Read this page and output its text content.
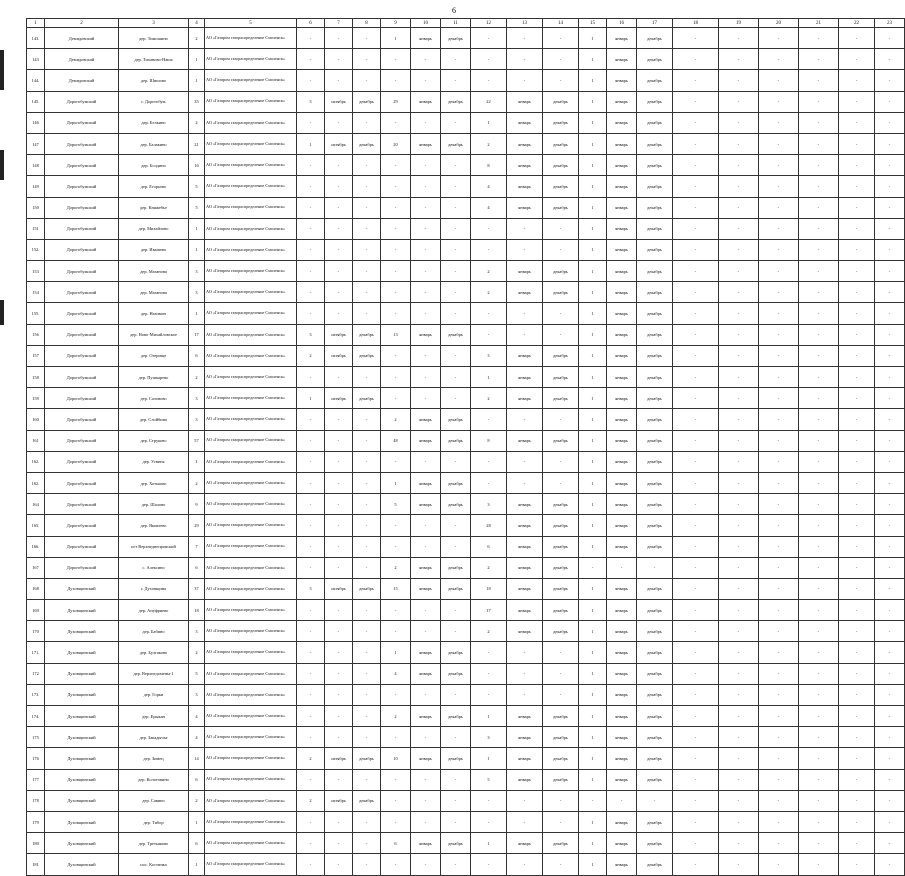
6
1	2	3	4	5	6	7	8	9	10	11	12	13	14	15	16	17	18	19	20	21	22	23
143.	Демидовский	дер. Тимошино	2	АО «Газпром газораспределение Смоленск»	-	-	-	1	январь	декабрь	-	-	-	1	январь	декабрь	-	-	-	-	-	-
143	Демидовский	дер. Тиханово-Наша	1	АО «Газпром газораспределение Смоленск»	-	-	-	-	-	-	-	-	-	1	январь	декабрь	-	-	-	-	-	-
144.	Демидовский	дер. Шишово	1	АО «Газпром газораспределение Смоленск»	-	-	-	-	-	-	-	-	-	1	январь	декабрь	-	-	-	-	-	-
145.	Дорогобужский	г. Дорогобуж	35	АО «Газпром газораспределение Смоленск»	3	октябрь	декабрь	29	январь	декабрь	22	январь	декабрь	1	январь	декабрь	-	-	-	-	-	-
146	Дорогобужский	дер. Белкино	2	АО «Газпром газораспределение Смоленск»	-	-	-	-	-	-	1	январь	декабрь	1	январь	декабрь	-	-	-	-	-	-
147	Дорогобужский	дер. Балакино	21	АО «Газпром газораспределение Смоленск»	1	октябрь	декабрь	20	январь	декабрь	2	январь	декабрь	1	январь	декабрь	-	-	-	-	-	-
148	Дорогобужский	дер. Болдино	16	АО «Газпром газораспределение Смоленск»	-	-	-	-	-	-	8	январь	декабрь	1	январь	декабрь	-	-	-	-	-	-
149	Дорогобужский	дер. Егорьево	5	АО «Газпром газораспределение Смоленск»	-	-	-	-	-	-	4	январь	декабрь	1	январь	декабрь	-	-	-	-	-	-
150	Дорогобужский	дер. Княжебье	5	АО «Газпром газораспределение Смоленск»	-	-	-	-	-	-	4	январь	декабрь	1	январь	декабрь	-	-	-	-	-	-
151	Дорогобужский	дер. Михайлово	1	АО «Газпром газораспределение Смоленск»	-	-	-	-	-	-	-	-	-	1	январь	декабрь	-	-	-	-	-	-
152.	Дорогобужский	дер. Ивашево	1	АО «Газпром газораспределение Смоленск»	-	-	-	-	-	-	-	-	-	1	январь	декабрь	-	-	-	-	-	-
153	Дорогобужский	дер. Мазанова	3	АО «Газпром газораспределение Смоленск»	-	-	-	-	-	-	2	январь	декабрь	1	январь	декабрь	-	-	-	-	-	-
154	Дорогобужский	дер. Мазанова	3	АО «Газпром газораспределение Смоленск»	-	-	-	-	-	-	2	январь	декабрь	1	январь	декабрь	-	-	-	-	-	-
155.	Дорогобужский	дер. Назимич	1	АО «Газпром газораспределение Смоленск»	-	-	-	-	-	-	-	-	-	1	январь	декабрь	-	-	-	-	-	-
156	Дорогобужский	дер. Ново-Михайловское	17	АО «Газпром газораспределение Смоленск»	3	октябрь	декабрь	13	январь	декабрь	-	-	-	1	январь	декабрь	-	-	-	-	-	-
157	Дорогобужский	дер. Озерище	6	АО «Газпром газораспределение Смоленск»	2	октябрь	декабрь	-	-	-	3	январь	декабрь	1	январь	декабрь	-	-	-	-	-	-
158	Дорогобужский	дер. Пушкарево	2	АО «Газпром газораспределение Смоленск»	-	-	-	-	-	-	1	январь	декабрь	1	январь	декабрь	-	-	-	-	-	-
159	Дорогобужский	дер. Сазоново	3	АО «Газпром газораспределение Смоленск»	1	октябрь	декабрь	-	-	-	2	январь	декабрь	1	январь	декабрь	-	-	-	-	-	-
160	Дорогобужский	дер. Слойбино	3	АО «Газпром газораспределение Смоленск»	-	-	-	2	январь	декабрь	-	-	-	1	январь	декабрь	-	-	-	-	-	-
161	Дорогобужский	дер. Струково	57	АО «Газпром газораспределение Смоленск»	-	-	-	48	январь	декабрь	8	январь	декабрь	1	январь	декабрь	-	-	-	-	-	-
162.	Дорогобужский	дер. Усвяты	1	АО «Газпром газораспределение Смоленск»	-	-	-	-	-	-	-	-	-	1	январь	декабрь	-	-	-	-	-	-
162.	Дорогобужский	дер. Хотьково	2	АО «Газпром газораспределение Смоленск»	-	-	-	1	январь	декабрь	-	-	-	1	январь	декабрь	-	-	-	-	-	-
164	Дорогобужский	дер. Шалово	9	АО «Газпром газораспределение Смоленск»	-	-	-	5	январь	декабрь	3	январь	декабрь	1	январь	декабрь	-	-	-	-	-	-
165.	Дорогобужский	дер. Яковлево	29	АО «Газпром газораспределение Смоленск»	-	-	-	-	-	-	28	январь	декабрь	1	январь	декабрь	-	-	-	-	-	-
166.	Дорогобужский	пгт Верхнеднепровский	7	АО «Газпром газораспределение Смоленск»	-	-	-	-	-	-	6	январь	декабрь	1	январь	декабрь	-	-	-	-	-	-
167	Дорогобужский	с. Алексино	6	АО «Газпром газораспределение Смоленск»	-	-	-	2	январь	декабрь	2	январь	декабрь	-	-	-	-	-	-	-	-	-
168	Духовщинский	г. Духовщина	37	АО «Газпром газораспределение Смоленск»	3	октябрь	декабрь	15	январь	декабрь	18	январь	декабрь	1	январь	декабрь	-	-	-	-	-	-
169	Духовщинский	дер. Ануфриево	18	АО «Газпром газораспределение Смоленск»	-	-	-	-	-	-	17	январь	декабрь	1	январь	декабрь	-	-	-	-	-	-
170	Духовщинский	дер. Бабино	3	АО «Газпром газораспределение Смоленск»	-	-	-	-	-	-	2	январь	декабрь	1	январь	декабрь	-	-	-	-	-	-
171.	Духовщинский	дер. Булгаково	2	АО «Газпром газораспределение Смоленск»	-	-	-	1	январь	декабрь	-	-	-	1	январь	декабрь	-	-	-	-	-	-
172	Духовщинский	дер. Верхнедомены-1	5	АО «Газпром газораспределение Смоленск»	-	-	-	4	январь	декабрь	-	-	-	1	январь	декабрь	-	-	-	-	-	-
173.	Духовщинский	дер. Горки	3	АО «Газпром газораспределение Смоленск»	-	-	-	-	-	-	-	-	-	1	январь	декабрь	-	-	-	-	-	-
174.	Духовщинский	дер. Ерыкан	4	АО «Газпром газораспределение Смоленск»	-	-	-	2	январь	декабрь	1	январь	декабрь	1	январь	декабрь	-	-	-	-	-	-
175	Духовщинский	дер. Закадычье	4	АО «Газпром газораспределение Смоленск»	-	-	-	-	-	-	3	январь	декабрь	1	январь	декабрь	-	-	-	-	-	-
176	Духовщинский	дер. Зимец	14	АО «Газпром газораспределение Смоленск»	2	октябрь	декабрь	10	январь	декабрь	1	январь	декабрь	1	январь	декабрь	-	-	-	-	-	-
177	Духовщинский	дер. Колотовино	6	АО «Газпром газораспределение Смоленск»	-	-	-	-	-	-	5	январь	декабрь	1	январь	декабрь	-	-	-	-	-	-
178	Духовщинский	дер. Савино	2	АО «Газпром газораспределение Смоленск»	2	октябрь	декабрь	-	-	-	-	-	-	-	-	-	-	-	-	-	-	-
179	Духовщинский	дер. Тибор	1	АО «Газпром газораспределение Смоленск»	-	-	-	-	-	-	-	-	-	1	январь	декабрь	-	-	-	-	-	-
180	Духовщинский	дер. Третьяково	6	АО «Газпром газораспределение Смоленск»	-	-	-	6	январь	декабрь	1	январь	декабрь	1	январь	декабрь	-	-	-	-	-	-
181	Духовщинский	пос. Костинка	1	АО «Газпром газораспределение Смоленск»	-	-	-	-	-	-	-	-	-	1	январь	декабрь	-	-	-	-	-	-
